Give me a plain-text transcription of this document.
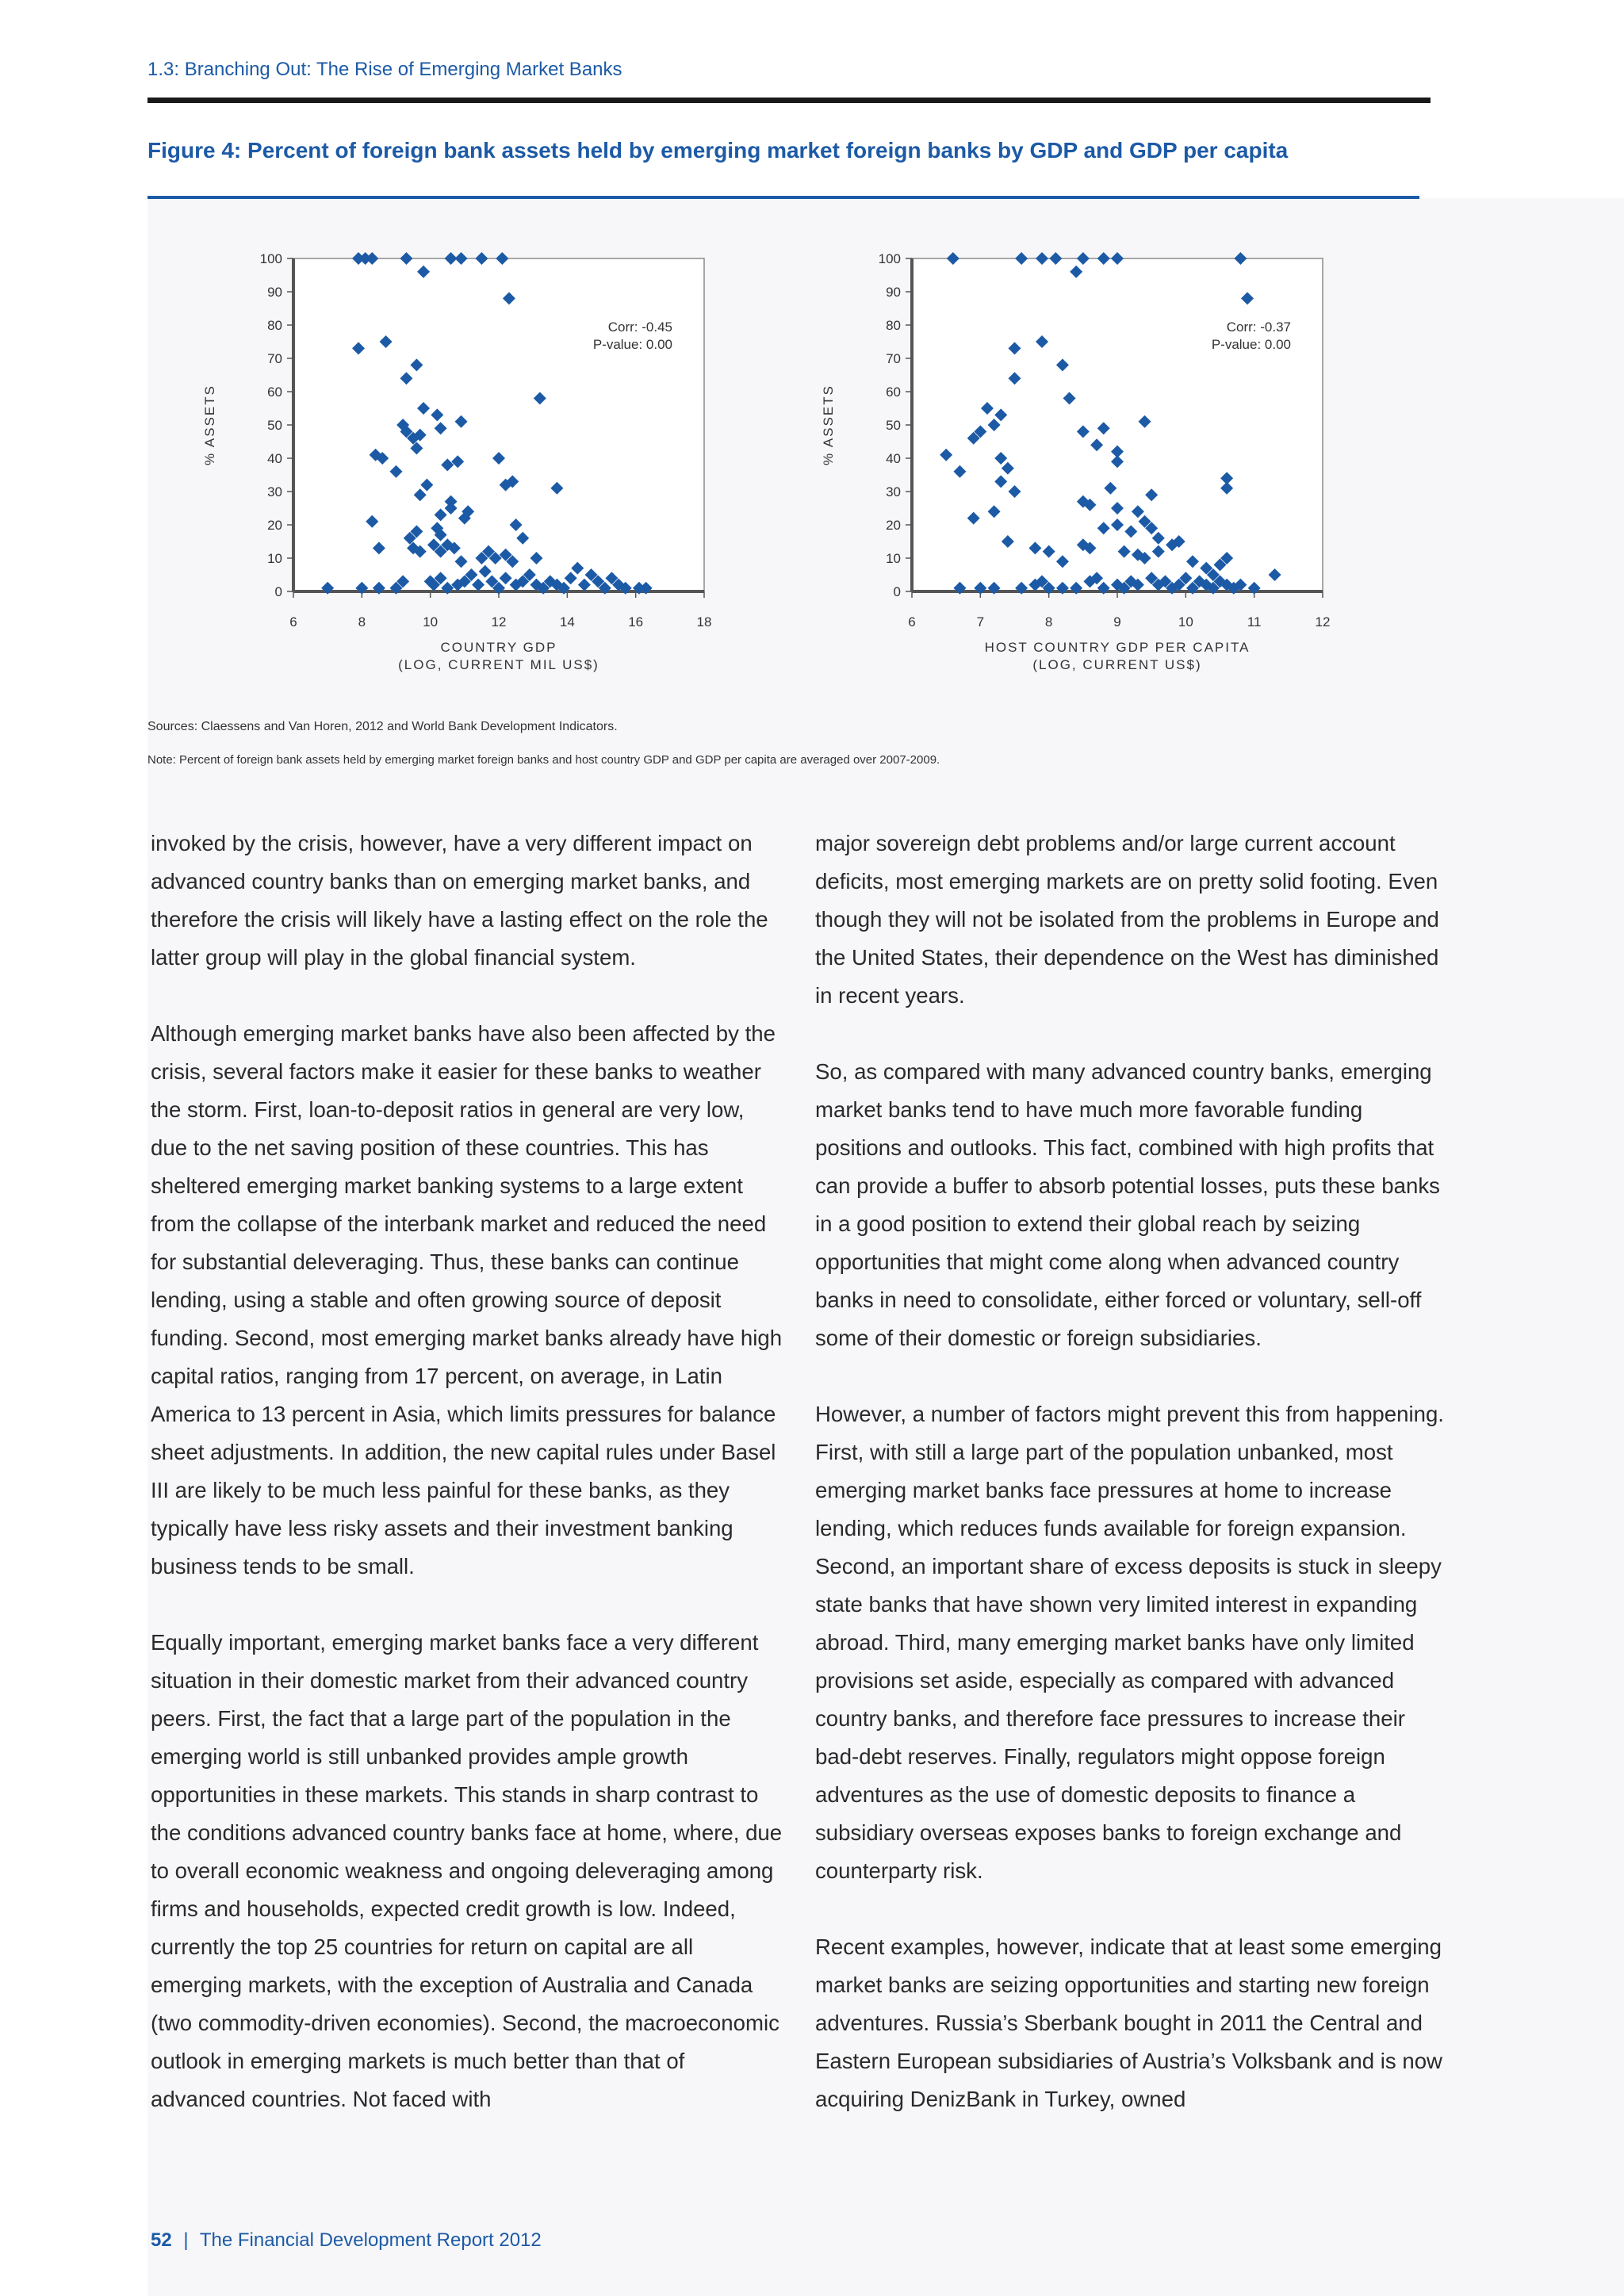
1.3: Branching Out: The Rise of Emerging Market Banks
Figure 4: Percent of foreign bank assets held by emerging market foreign banks by GDP and GDP per capita
0
10
20
30
40
50
60
70
80
90
100
6	8	10	12	14	16	18
COUNTRY GDP
(LOG, CURRENT MIL US$)
% ASSETS
Corr: -0.45
P-value: 0.00
0
10
20
30
40
50
60
70
80
90
100
6	7	8	9	10	11	12
HOST COUNTRY GDP PER CAPITA
(LOG, CURRENT US$)
% ASSETS
Corr: -0.37
P-value: 0.00
Sources: Claessens and Van Horen, 2012 and World Bank Development Indicators.
Note: Percent of foreign bank assets held by emerging market foreign banks and host country GDP and GDP per capita are averaged over 2007-2009.

invoked by the crisis, however, have a very different impact on advanced country banks than on emerging market banks, and therefore the crisis will likely have a lasting effect on the role the latter group will play in the global financial system.

Although emerging market banks have also been affected by the crisis, several factors make it easier for these banks to weather the storm. First, loan-to-deposit ratios in general are very low, due to the net saving position of these countries. This has sheltered emerging market banking systems to a large extent from the collapse of the interbank market and reduced the need for substantial deleveraging. Thus, these banks can continue lending, using a stable and often growing source of deposit funding. Second, most emerging market banks already have high capital ratios, ranging from 17 percent, on average, in Latin America to 13 percent in Asia, which limits pressures for balance sheet adjustments. In addition, the new capital rules under Basel III are likely to be much less painful for these banks, as they typically have less risky assets and their investment banking business tends to be small.

Equally important, emerging market banks face a very different situation in their domestic market from their advanced country peers. First, the fact that a large part of the population in the emerging world is still unbanked provides ample growth opportunities in these markets. This stands in sharp contrast to the conditions advanced country banks face at home, where, due to overall economic weakness and ongoing deleveraging among firms and households, expected credit growth is low. Indeed, currently the top 25 countries for return on capital are all emerging markets, with the exception of Australia and Canada (two commodity-driven economies). Second, the macroeconomic outlook in emerging markets is much better than that of advanced countries. Not faced with

major sovereign debt problems and/or large current account deficits, most emerging markets are on pretty solid footing. Even though they will not be isolated from the problems in Europe and the United States, their dependence on the West has diminished in recent years.

So, as compared with many advanced country banks, emerging market banks tend to have much more favorable funding positions and outlooks. This fact, combined with high profits that can provide a buffer to absorb potential losses, puts these banks in a good position to extend their global reach by seizing opportunities that might come along when advanced country banks in need to consolidate, either forced or voluntary, sell-off some of their domestic or foreign subsidiaries.

However, a number of factors might prevent this from happening. First, with still a large part of the population unbanked, most emerging market banks face pressures at home to increase lending, which reduces funds available for foreign expansion. Second, an important share of excess deposits is stuck in sleepy state banks that have shown very limited interest in expanding abroad. Third, many emerging market banks have only limited provisions set aside, especially as compared with advanced country banks, and therefore face pressures to increase their bad-debt reserves. Finally, regulators might oppose foreign adventures as the use of domestic deposits to finance a subsidiary overseas exposes banks to foreign exchange and counterparty risk.

Recent examples, however, indicate that at least some emerging market banks are seizing opportunities and starting new foreign adventures. Russia’s Sberbank bought in 2011 the Central and Eastern European subsidiaries of Austria’s Volksbank and is now acquiring DenizBank in Turkey, owned

52 | The Financial Development Report 2012
